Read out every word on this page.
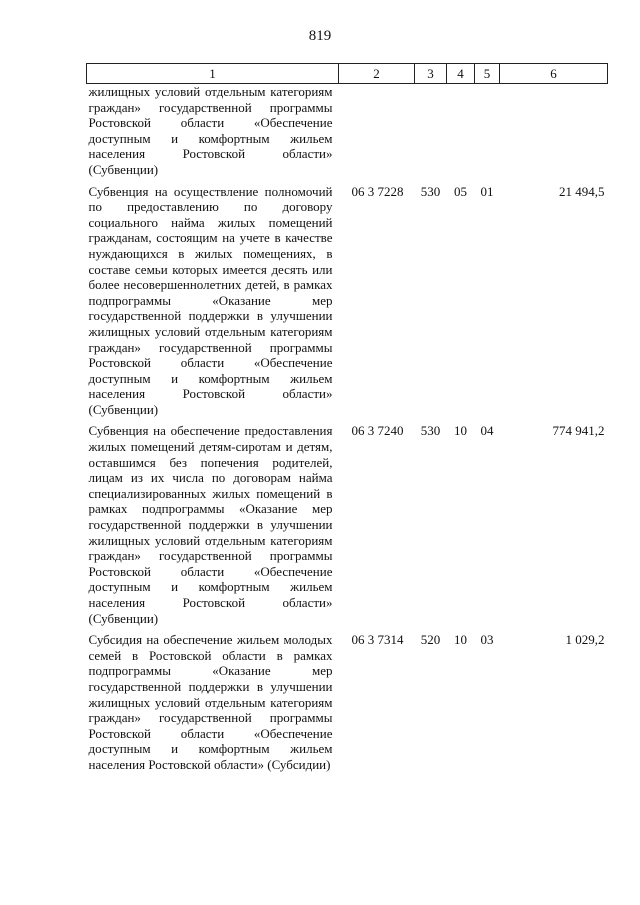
819
1	2	3	4	5	6
жилищных условий отдельным категориям граждан» государственной программы Ростовской области «Обеспечение доступным и комфортным жильем населения Ростовской области» (Субвенции)					
Субвенция на осуществление полномочий по предоставлению по договору социального найма жилых помещений гражданам, состоящим на учете в качестве нуждающихся в жилых помещениях, в составе семьи которых имеется десять или более несовершеннолетних детей, в рамках подпрограммы «Оказание мер государственной поддержки в улучшении жилищных условий отдельным категориям граждан» государственной программы Ростовской области «Обеспечение доступным и комфортным жильем населения Ростовской области» (Субвенции)	06 3 7228	530	05	01	21 494,5
Субвенция на обеспечение предоставления жилых помещений детям-сиротам и детям, оставшимся без попечения родителей, лицам из их числа по договорам найма специализированных жилых помещений в рамках подпрограммы «Оказание мер государственной поддержки в улучшении жилищных условий отдельным категориям граждан» государственной программы Ростовской области «Обеспечение доступным и комфортным жильем населения Ростовской области» (Субвенции)	06 3 7240	530	10	04	774 941,2
Субсидия на обеспечение жильем молодых семей в Ростовской области в рамках подпрограммы «Оказание мер государственной поддержки в улучшении жилищных условий отдельным категориям граждан» государственной программы Ростовской области «Обеспечение доступным и комфортным жильем населения Ростовской области» (Субсидии)	06 3 7314	520	10	03	1 029,2
